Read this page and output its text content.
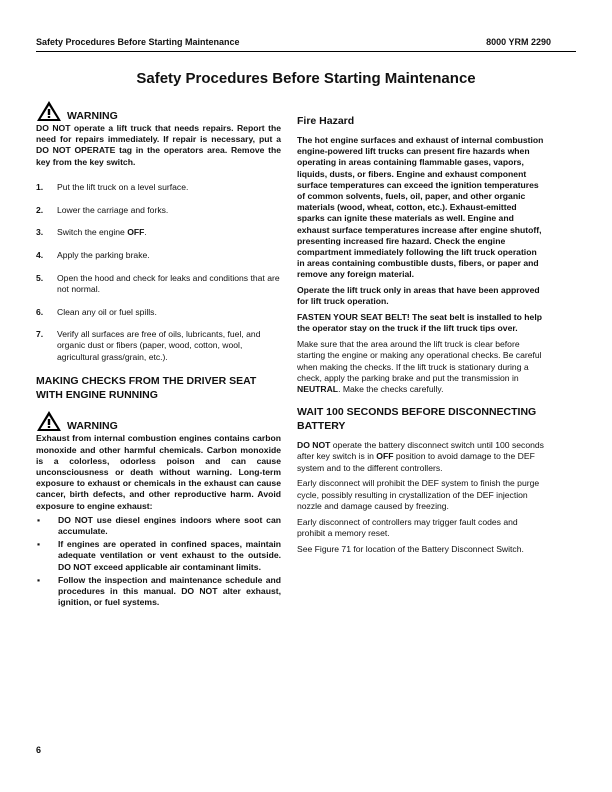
Safety Procedures Before Starting Maintenance	8000 YRM 2290
Safety Procedures Before Starting Maintenance
WARNING

DO NOT operate a lift truck that needs repairs. Report the need for repairs immediately. If repair is necessary, put a DO NOT OPERATE tag in the operators area. Remove the key from the key switch.

1.	Put the lift truck on a level surface.
2.	Lower the carriage and forks.
3.	Switch the engine OFF.
4.	Apply the parking brake.
5.	Open the hood and check for leaks and conditions that are not normal.
6.	Clean any oil or fuel spills.
7.	Verify all surfaces are free of oils, lubricants, fuel, and organic dust or fibers (paper, wood, cotton, wool, agricultural grass/grain, etc.).
MAKING CHECKS FROM THE DRIVER SEAT WITH ENGINE RUNNING
WARNING

Exhaust from internal combustion engines contains carbon monoxide and other harmful chemicals. Carbon monoxide is a colorless, odorless poison and can cause unconsciousness or death without warning. Long-term exposure to exhaust or chemicals in the exhaust can cause cancer, birth defects, and other reproductive harm. Avoid exposure to engine exhaust:

▪	DO NOT use diesel engines indoors where soot can accumulate.
▪	If engines are operated in confined spaces, maintain adequate ventilation or vent exhaust to the outside. DO NOT exceed applicable air contaminant limits.
▪	Follow the inspection and maintenance schedule and procedures in this manual. DO NOT alter exhaust, ignition, or fuel systems.
Fire Hazard

The hot engine surfaces and exhaust of internal combustion engine-powered lift trucks can present fire hazards when operating in areas containing flammable gases, vapors, liquids, dusts, or fibers. Engine and exhaust component surface temperatures can exceed the ignition temperatures of common solvents, fuels, oil, paper, and other organic materials (wood, wheat, cotton, etc.). Exhaust-emitted sparks can ignite these materials as well. Engine and exhaust surface temperatures increase after engine shutoff, presenting increased fire hazard. Check the engine compartment immediately following the lift truck operation in areas containing combustible dusts, fibers, or paper and remove any foreign material.

Operate the lift truck only in areas that have been approved for lift truck operation.

FASTEN YOUR SEAT BELT! The seat belt is installed to help the operator stay on the truck if the lift truck tips over.

Make sure that the area around the lift truck is clear before starting the engine or making any operational checks. Be careful when making the checks. If the lift truck is stationary during a check, apply the parking brake and put the transmission in NEUTRAL. Make the checks carefully.

WAIT 100 SECONDS BEFORE DISCONNECTING BATTERY

DO NOT operate the battery disconnect switch until 100 seconds after key switch is in OFF position to avoid damage to the DEF system and to the different controllers.

Early disconnect will prohibit the DEF system to finish the purge cycle, possibly resulting in crystallization of the DEF injection nozzle and damage caused by freezing.

Early disconnect of controllers may trigger fault codes and prohibit a memory reset.

See Figure 71 for location of the Battery Disconnect Switch.

6
